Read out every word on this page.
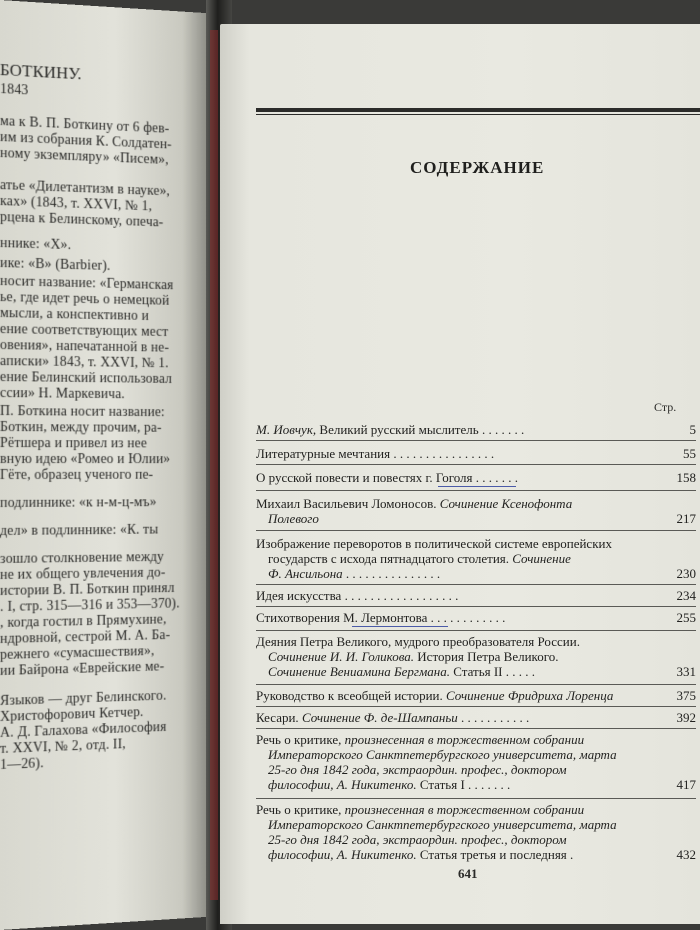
БОТКИНУ.
1843
ма к В. П. Боткину от 6 фев-
им из собрания К. Солдатен-
ному экземпляру» «Писем»,
атье «Дилетантизм в науке»,
ках» (1843, т. XXVI, № 1,
рцена к Белинскому, опеча-
ннике: «Х».
ике: «В» (Barbier).
носит название: «Германская
ье, где идет речь о немецкой
мысли, а конспективно и
ение соответствующих мест
овения», напечатанной в не-
аписки» 1843, т. XXVI, № 1.
ение Белинский использовал
ссии» Н. Маркевича.
П. Боткина носит название:
Боткин, между прочим, ра-
Рётшера и привел из нее
вную идею «Ромео и Юлии»
Гёте, образец ученого пе-
подлиннике: «к н-м-ц-мъ»
дел» в подлиннике: «К. ты
зошло столкновение между
не их общего увлечения до-
истории В. П. Боткин принял
. I, стр. 315—316 и 353—370).
, когда гостил в Прямухине,
ндровной, сестрой М. А. Ба-
режнего «сумасшествия»,
ии Байрона «Еврейские ме-
Языков — друг Белинского.
Христофорович Кетчер.
А. Д. Галахова «Философия
т. XXVI, № 2, отд. II,
1—26).
СОДЕРЖАНИЕ
Стр.
М. Иовчук, Великий русский мыслитель . . . . . . .	5
Литературные мечтания . . . . . . . . . . . . . . . .	55
О русской повести и повестях г. Гоголя . . . . . . .	158
Михаил Васильевич Ломоносов. Сочинение Ксенофонта
Полевого	217
Изображение переворотов в политической системе европейских
государств с исхода пятнадцатого столетия. Сочинение
Ф. Ансильона . . . . . . . . . . . . . . .	230
Идея искусства . . . . . . . . . . . . . . . . . .	234
Стихотворения М. Лермонтова . . . . . . . . . . . .	255
Деяния Петра Великого, мудрого преобразователя России.
Сочинение И. И. Голикова. История Петра Великого.
Сочинение Вениамина Бергмана. Статья II . . . . .	331
Руководство к всеобщей истории. Сочинение Фридриха Лоренца	375
Кесари. Сочинение Ф. де-Шампаньи . . . . . . . . . . .	392
Речь о критике, произнесенная в торжественном собрании
Императорского Санктпетербургского университета, марта
25-го дня 1842 года, экстраордин. профес., доктором
философии, А. Никитенко. Статья I . . . . . . .	417
Речь о критике, произнесенная в торжественном собрании
Императорского Санктпетербургского университета, марта
25-го дня 1842 года, экстраордин. профес., доктором
философии, А. Никитенко. Статья третья и последняя .	432
641
